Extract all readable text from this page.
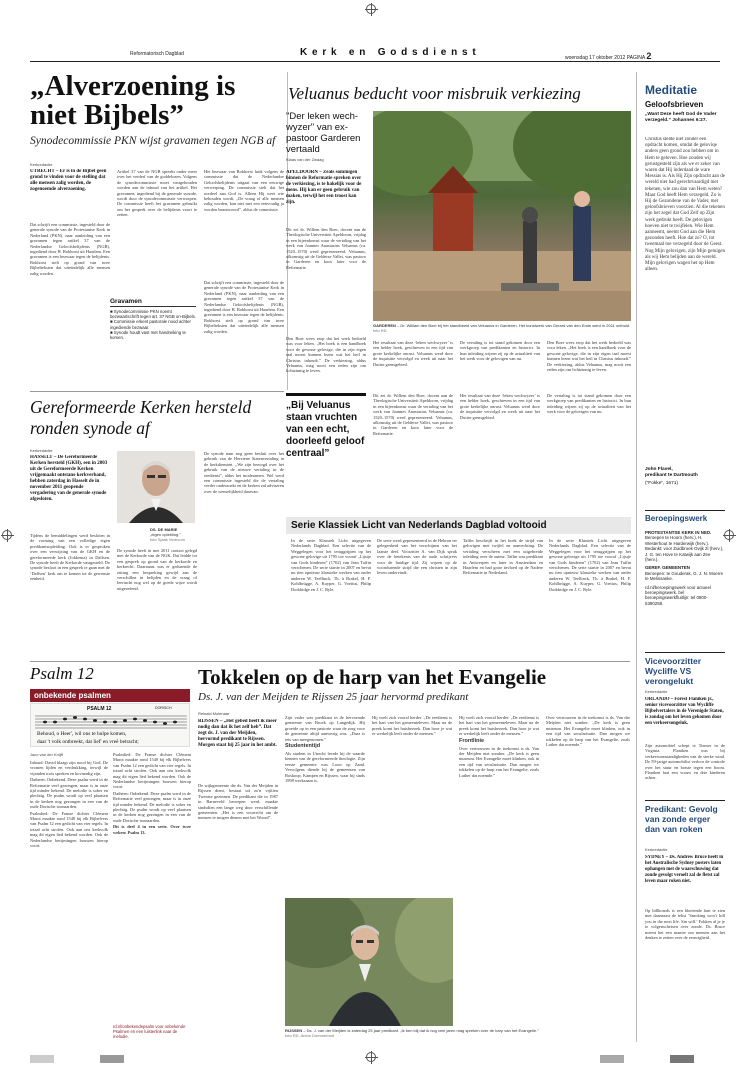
Reformatorisch Dagblad	K e r k   e n   G o d s d i e n s t	woensdag 17 oktober 2012 PAGINA 2
„Alverzoening is niet Bijbels”
Synodecommissie PKN wijst gravamen tegen NGB af
Kerkredactie
UTRECHT – Er is in de Bijbel geen grond te vinden voor de stelling dat alle mensen zalig worden, de zogenoemde alverzoening.
Dat schrijft een commissie, ingesteld door de generale synode van de Protestantse Kerk in Nederland (PKN), naar aanleiding van een gravamen tegen artikel 37 van de Nederlandse Geloofsbelijdenis (NGB), ingediend door H. Bokhorst uit Haarlem. Een gravamen is een bezwaar tegen de belijdenis. Bokhorst stelt op grond van twee Bijbelteksten dat uiteindelijk alle mensen zalig worden.
Artikel 37 van de NGB spreekt onder meer over het verderf van de goddelozen. Volgens de synodecommissie moet vastgehouden worden aan de inhoud van het artikel. Het gravamen, ingediend bij de generale synode, wordt door de synodecommissie verworpen. De commissie heeft het gravamen gebruikt om het gesprek over de belijdenis voort te zetten.
Het bezwaar van Bokhorst luidt volgens de commissie dat de Nederlandse Geloofsbelijdenis uitgaat van een eeuwige verwerping. De commissie stelt dat het oordeel aan God is. Alleen Hij weet wie behouden wordt. „De vraag of alle mensen zalig worden, kan niet met een eenvoudig ja worden beantwoord”, aldus de commissie.
Gravamen
■ Synodecommissie PKN noemt bezwaartschrift tegen art. 37 NGB on-Bijbels.
■ Commissie erkent pastorale nood achter ingediende bezwaar.
■ Synode houdt vast met handreiking te komen.
Dat schrijft een commissie, ingesteld door de generale synode van de Protestantse Kerk in Nederland (PKN), naar aanleiding van een gravamen tegen artikel 37 van de Nederlandse Geloofsbelijdenis (NGB), ingediend door H. Bokhorst uit Haarlem. Een gravamen is een bezwaar tegen de belijdenis. Bokhorst stelt op grond van twee Bijbelteksten dat uiteindelijk alle mensen zalig worden.
Veluanus beducht voor misbruik verkiezing
"Der leken wech-wyzer" van ex-pastoor Garderen vertaald
Klaas van der Zwaag
Dit zei dr. Willem den Boer, docent aan de Theologische Universiteit Apeldoorn, vrijdag in een bijeenkomst waar de vertaling van het werk van Joannes Anastasius Veluanus (ca. 1520–1570) werd gepresenteerd. Veluanus, afkomstig uit de Gelderse Vallei, was pastoor in Garderen en koos later voor de Reformatie.
APELDOORN – Zeals sommigen binnen de Reformatie spreken over de verkiezing, is te hakelijk voor de mens. Hij kan er geen gebruik van maken, terwijl het een troost kan zijn.
GARDEREN – Dr. William den Boer bij het standbeeld van Veluanus in Garderen. Het kunstwerk van Gerard van den Ende werd in 2011 onthuld. foto RD
Den Boer wees erop dat het werk bedoeld was voor leken. „Het boek is een handboek voor de gewone gelovige, die in zijn eigen taal moest kunnen lezen wat het heil in Christus inhoudt.” De verkiezing, aldus Veluanus, mag nooit een reden zijn om lichtzinnig te leven.
Het resultaat van deze ‘leken wechwyzer’ is een helder boek, geschreven in een tijd van grote kerkelijke onrust. Veluanus werd door de inquisitie vervolgd en week uit naar het Duitse grensgebied.
De vertaling is tot stand gekomen door een werkgroep van predikanten en historici. In hun inleiding wijzen zij op de actualiteit van het werk voor de gelovigen van nu.
Den Boer wees erop dat het werk bedoeld was voor leken. „Het boek is een handboek voor de gewone gelovige, die in zijn eigen taal moest kunnen lezen wat het heil in Christus inhoudt.” De verkiezing, aldus Veluanus, mag nooit een reden zijn om lichtzinnig te leven.
„Bij Veluanus staan vruchten van een echt, doorleefd geloof centraal”
Dit zei dr. Willem den Boer, docent aan de Theologische Universiteit Apeldoorn, vrijdag in een bijeenkomst waar de vertaling van het werk van Joannes Anastasius Veluanus (ca. 1520–1570) werd gepresenteerd. Veluanus, afkomstig uit de Gelderse Vallei, was pastoor in Garderen en koos later voor de Reformatie.
Het resultaat van deze ‘leken wechwyzer’ is een helder boek, geschreven in een tijd van grote kerkelijke onrust. Veluanus werd door de inquisitie vervolgd en week uit naar het Duitse grensgebied.
De vertaling is tot stand gekomen door een werkgroep van predikanten en historici. In hun inleiding wijzen zij op de actualiteit van het werk voor de gelovigen van nu.
Gereformeerde Kerken hersteld ronden synode af
Kerkredactie
HASSELT – De Gereformeerde Kerken hersteld (GKH), een in 2003 uit de Gereformeerde Kerken vrijgemaakt ontstane kerkverband, hebben zaterdag in Hasselt de in november 2011 geopende vergadering van de generale synode afgesloten.
Tijdens de bemiddelingen werd besloten in de vorming van een volledige eigen predikantsopleiding. Ook is er gesproken over een verwijzing van de GKH en de gereformeerde kerk (Jokkema) in Dalfsen. De synode heeft de Kerkorde vastgesteld. De synode besloot in een gesprek te gaan met de ‘Dalfsen’ kerk om te komen tot de gewenste eenheid.
DS. DE MARIE
„eigen opleiding.”
foto Sjaak Verboom
De synode heeft in mei 2011 contact gelegd met de Kerkorde van de NGK. Dat leidde tot een gesprek op grond van de kerkorde en kerkrecht. Daarnaast was er gedurende de zitting een bespreking gewijd aan de verschillen in belijden en de vraag of leertucht nog wel op de goede wijze wordt uitgeoefend.
De synode nam nog geen besluit over het gebruik van de Herziene Statenvertaling in de kerkdiensten. „We zijn bezorgd over het gebruik van de nieuwe vertaling in de eredienst”, aldus het moderamen. Wel werd een commissie ingesteld die de vertaling verder onderzoekt en de kerken zal adviseren over de wenselijkheid daarvan.
Serie Klassiek Licht van Nederlands Dagblad voltooid
In de serie Klassiek Licht uitgegeven Nederlands Dagblad. Een selectie van de Weggelegen voor het teruggrijpen op het gewone gelovige uit 1795 toe vooraf „Lijstje van Gods kinderen” (1702) van Jean Taffin verschenen. De serie startte in 2007 en bevat nu tien opnieuw klassieke werken van onder anderen W. Teellinck, Th. à Brakel, H. F. Kohlbrügge, A. Kuyper, G. Voetius, Philip Doddridge en J. C. Ryle.
De serie werd gepresenteerd in de Hebron ter gelegenheid van het verschijnen van het laatste deel. Voorzitter A. van Dijk sprak over de betekenis van de oude schrijvers voor de huidige tijd. Zij wijzen op de voortdurende strijd die een christen in zijn leven ondervindt.
Taffin beschrijft in het boek de strijd van gelovigen met twijfel en aanvechting. De vertaling verscheen met een uitgebreide inleiding over de auteur. Taffin was predikant in Antwerpen en later in Amsterdam en Haarlem en had grote invloed op de Nadere Reformatie in Nederland.
In de serie Klassiek Licht uitgegeven Nederlands Dagblad. Een selectie van de Weggelegen voor het teruggrijpen op het gewone gelovige uit 1795 toe vooraf „Lijstje van Gods kinderen” (1702) van Jean Taffin verschenen. De serie startte in 2007 en bevat nu tien opnieuw klassieke werken van onder anderen W. Teellinck, Th. à Brakel, H. F. Kohlbrügge, A. Kuyper, G. Voetius, Philip Doddridge en J. C. Ryle.
Meditatie
Geloofsbrieven
„Want Deze heeft God de Vader verzegeld.” Johannes 6:27.
Christus stelde niet zonder een opdracht komen, omdat de geloviqe anders geen grond zou hebben om in Hem te geloven. Hoe zouden wij gerustgesteld zijn als we er zeker van waren dat Hij inderdaad de ware Messias is. Als Hij Zijn opdracht aan de wereld niet had gerechtvaardigd met tekenen, wie zou dan van Hem weten? Maar God heeft Hem verzegeld. Zo is Hij de Gezondene van de Vader, met geloofsbrieven voorzien. Al die tekenen zijn het zegel dat God Zelf op Zijn werk gedrukt heeft. De gelovigen hoeven niet te twijfelen. Wie Hem aanneemt, neemt God aan die Hem gezonden heeft. Hoe dat zo? O, tot tweemaal toe verzegeld door de Geest. Nog Mijn gelovigen, zijn Mijn getuigen als wij Hem belijden aan de wereld. Mijn gelovigen wagen het op Hem alleen.
John Flavel,
predikant te Dartmouth
("Fokke", 1671)
Beroepingswerk
PROTESTANTSE KERK IN NED.
Beroepen te Hoorn (herv.), H. Westerhout te Harderwijk (herv.). Bedankt: voor Zuidbroek Ovijk 2l (herv.), J. G. ten Hove te Katwijk aan Zee (herv.).
GEREF. GEMEENTEN
Beroepen: te Gouderak, G. J. N. Moerre te Melissanke.
rd.nl/beroepingswerk voor actueel beroepingswerk. bel beroepingswerkfluitlijn: tel 0900-5390258.
Vicevoorzitter Wycliffe VS verongelukt
Kerkredactie
ORLANDO – Forest Flaniken jr., senior vicevoorzitter van Wycliffe Bijbelvertalers in de Verenigde Staten, is zondag om het leven gekomen door een verkeersongeluk.
Zijn automobiel schept te Tiemer in de Virginia. Flaniken was bij verkeersomstandigheden van de sterke wind. De 59-jarige automobilist verloor de controle over het stuur en botste tegen een boom. Flaniken laat een vrouw en drie kinderen achter.
Predikant: Gevolg van zonde erger dan van roken
Kerkredactie
SYDNEY – Ds. Andrew Bruce heeft in het Australische Sydney posters laten ophangen met de waarschuwing dat zonde gevolgt veroelt zal de fletst zal leven maar roken niet.
Op billboards is een bloeiende hart te zien met daarnaast de tekst ’Smoking won’t kill you in the next life. Sin will.’ Fokken al je je te volgenschetsen over zonde. Ds. Bruce noemt het een manier om mensen aan het denken te zetten over de eeuwigheid.
Psalm 12
onbekende psalmen
PSALM 12	DORISCH
Behoud, o Heer', wil ons te hulpe komen,
daar 't volk ontbreekt, dat lief' en vreê betracht;
Jaco van der Knijff

Inhoud: David klaagt zijn nood bij God. De vromen lijden en verdrukking, terwijl de vijanden trots spreken en hovaardig zijn.

Datheen: Onbekend. Deze psalm werd in de Reformatie veel gezongen, maar is in onze tijd minder bekend. De melodie is sober en plechtig. De psalm wordt op veel plaatsen in de kerken nog gezongen in een van de oude Dorische toonaarden.

Psalmlied: De Franse dichter Clément Marot maakte rond 1540 bij elk Bijbelvers van Psalm 12 een gedicht van vier regels. In totaal acht strofen. Ook aan ons kerkvolk mag dit eigen lied bekend worden. Ook de Nederlandse berijmingen bouwen hierop voort.

Psalmlied: De Franse dichter Clément Marot maakte rond 1540 bij elk Bijbelvers van Psalm 12 een gedicht van vier regels. In totaal acht strofen. Ook aan ons kerkvolk mag dit eigen lied bekend worden. Ook de Nederlandse berijmingen bouwen hierop voort.

Datheen: Onbekend. Deze psalm werd in de Reformatie veel gezongen, maar is in onze tijd minder bekend. De melodie is sober en plechtig. De psalm wordt op veel plaatsen in de kerken nog gezongen in een van de oude Dorische toonaarden.

Dit is deel 4 in een serie. Over twee weken: Psalm 13.

rd.nl/onbekendepsalm voor onbekende Psalmen en een luisterlink naar de melodie.
Tokkelen op de harp van het Evangelie
Ds. J. van der Meijden te Rijssen 25 jaar hervormd predikant
Reinald Molenaar
RIJSSEN – „Het gebed heeft ik meer nodig dan dat ik het zelf heb”. Dat zegt ds. J. van der Meijden, hervormd predikant te Rijssen. Morgen staat hij 25 jaar in het ambt.
De wijkgemeente die ds. Van der Meijden in Rijssen dient, bestaat uit zo'n vijftien Twentse gezinnen. De predikant die in 1987 in Barneveld beroepen werd, maakte sindsdien een lange weg door verschillende gemeenten. „Het is een voorrecht om de mensen te mogen dienen met het Woord”.

Zijn vader was predikant in de hervormde gemeente van Broek op Langedijk. Hij groeide op in een pastorie waar de zorg voor de gemeente altijd aanwezig was. „Daar is iets van meegenomen.”

Studententijd

Als student in Utrecht leerde hij de waarde kennen van de gereformeerde theologie. Zijn eerste gemeente was Loon op Zand. Vervolgens diende hij de gemeenten van Boskoop, Kampen en Rijssen, waar hij sinds 1998 werkzaam is.

Hij voelt zich vooral herder. „De eredienst is het hart van het gemeenteleven. Maar na de preek komt het huisbezoek. Dan hoor je wat er werkelijk leeft onder de mensen.”

Hij voelt zich vooral herder. „De eredienst is het hart van het gemeenteleven. Maar na de preek komt het huisbezoek. Dan hoor je wat er werkelijk leeft onder de mensen.”

Frontlinie

Over vertrouwen in de toekomst is ds. Van der Meijden niet somber. „De kerk is geen museum. Het Evangelie moet klinken, ook in een tijd van secularisatie. Dan mogen we tokkelen op de harp van het Evangelie, zoals Luther dat noemde.”

Over vertrouwen in de toekomst is ds. Van der Meijden niet somber. „De kerk is geen museum. Het Evangelie moet klinken, ook in een tijd van secularisatie. Dan mogen we tokkelen op de harp van het Evangelie, zoals Luther dat noemde.”
RIJSSEN – Ds. J. van der Meijden is zaterdag 25 jaar predikant. „Ik ben blij dat ik nog vele jaren mag spreken over de harp van het Evangelie.” foto RD, Anton Dommerholt
